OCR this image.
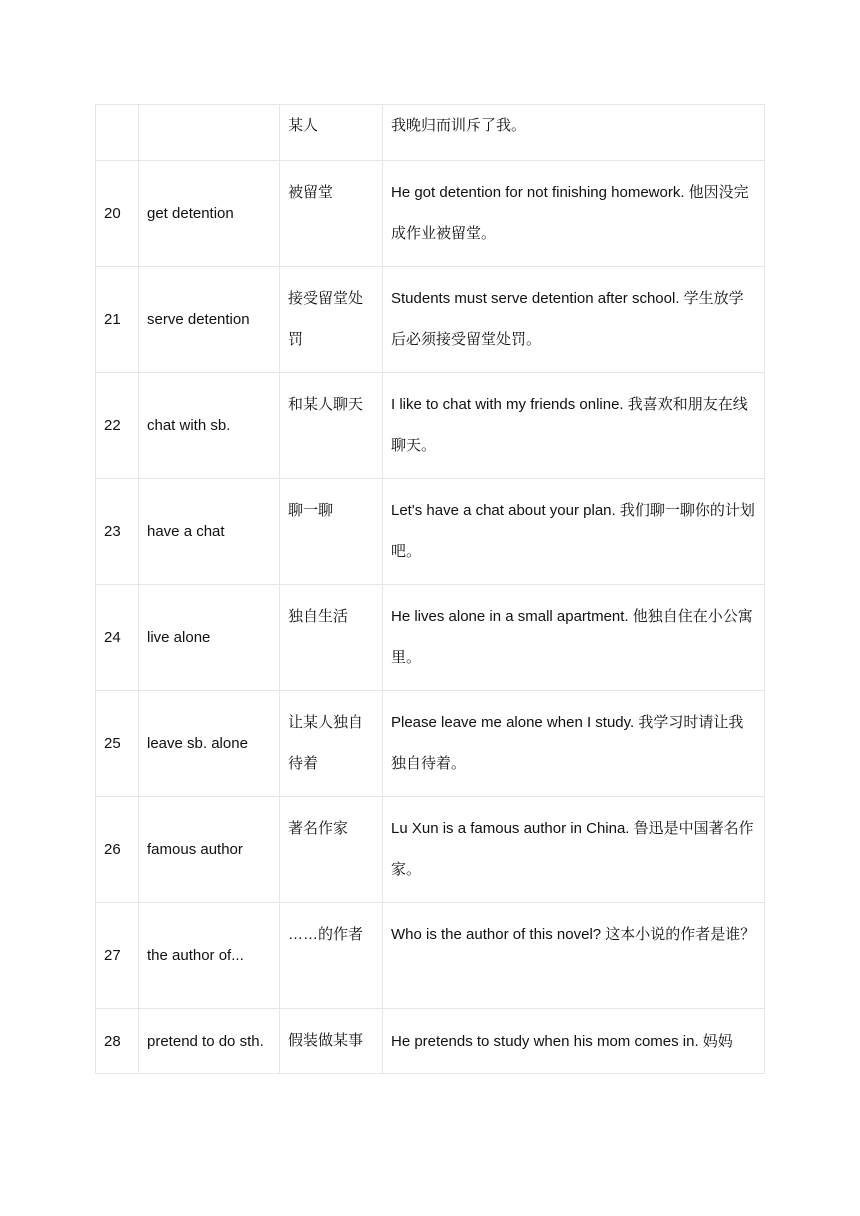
		某人	我晚归而训斥了我。
20	get detention	被留堂	He got detention for not finishing homework. 他因没完成作业被留堂。
21	serve detention	接受留堂处罚	Students must serve detention after school. 学生放学后必须接受留堂处罚。
22	chat with sb.	和某人聊天	I like to chat with my friends online. 我喜欢和朋友在线聊天。
23	have a chat	聊一聊	Let's have a chat about your plan. 我们聊一聊你的计划吧。
24	live alone	独自生活	He lives alone in a small apartment. 他独自住在小公寓里。
25	leave sb. alone	让某人独自待着	Please leave me alone when I study. 我学习时请让我独自待着。
26	famous author	著名作家	Lu Xun is a famous author in China. 鲁迅是中国著名作家。
27	the author of...	……的作者	Who is the author of this novel? 这本小说的作者是谁？
28	pretend to do sth.	假装做某事	He pretends to study when his mom comes in. 妈妈
